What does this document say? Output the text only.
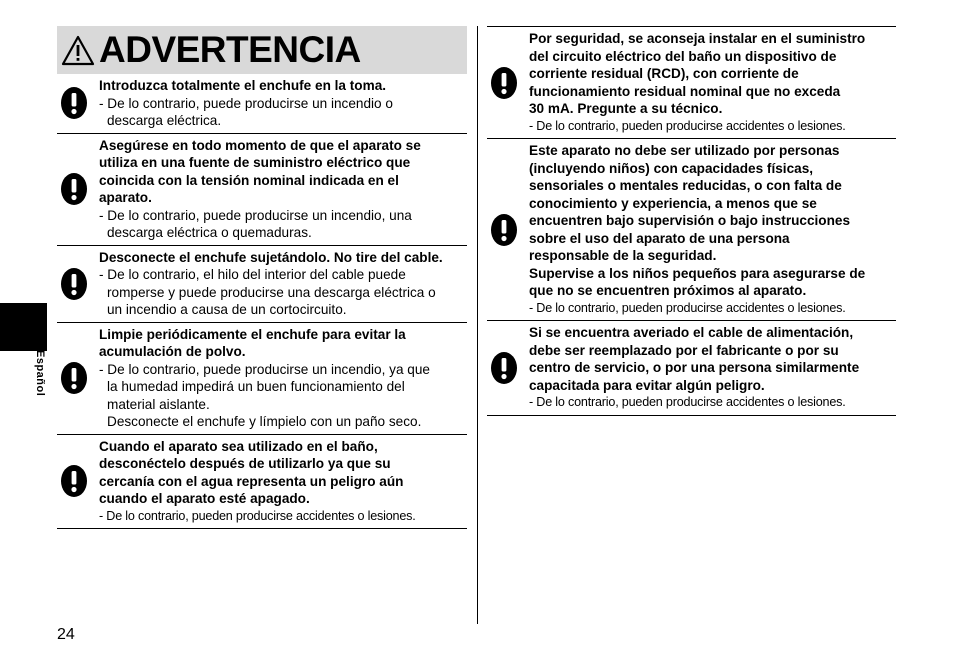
Español
24
ADVERTENCIA
Introduzca totalmente el enchufe en la toma.
- De lo contrario, puede producirse un incendio o
descarga eléctrica.
Asegúrese en todo momento de que el aparato se
utiliza en una fuente de suministro eléctrico que
coincida con la tensión nominal indicada en el
aparato.
- De lo contrario, puede producirse un incendio, una
descarga eléctrica o quemaduras.
Desconecte el enchufe sujetándolo. No tire del cable.
- De lo contrario, el hilo del interior del cable puede
romperse y puede producirse una descarga eléctrica o
un incendio a causa de un cortocircuito.
Limpie periódicamente el enchufe para evitar la
acumulación de polvo.
- De lo contrario, puede producirse un incendio, ya que
la humedad impedirá un buen funcionamiento del
material aislante.
Desconecte el enchufe y límpielo con un paño seco.
Cuando el aparato sea utilizado en el baño,
desconéctelo después de utilizarlo ya que su
cercanía con el agua representa un peligro aún
cuando el aparato esté apagado.
- De lo contrario, pueden producirse accidentes o lesiones.
Por seguridad, se aconseja instalar en el suministro
del circuito eléctrico del baño un dispositivo de
corriente residual (RCD), con corriente de
funcionamiento residual nominal que no exceda
30 mA. Pregunte a su técnico.
- De lo contrario, pueden producirse accidentes o lesiones.
Este aparato no debe ser utilizado por personas
(incluyendo niños) con capacidades físicas,
sensoriales o mentales reducidas, o con falta de
conocimiento y experiencia, a menos que se
encuentren bajo supervisión o bajo instrucciones
sobre el uso del aparato de una persona
responsable de la seguridad.
Supervise a los niños pequeños para asegurarse de
que no se encuentren próximos al aparato.
- De lo contrario, pueden producirse accidentes o lesiones.
Si se encuentra averiado el cable de alimentación,
debe ser reemplazado por el fabricante o por su
centro de servicio, o por una persona similarmente
capacitada para evitar algún peligro.
- De lo contrario, pueden producirse accidentes o lesiones.
